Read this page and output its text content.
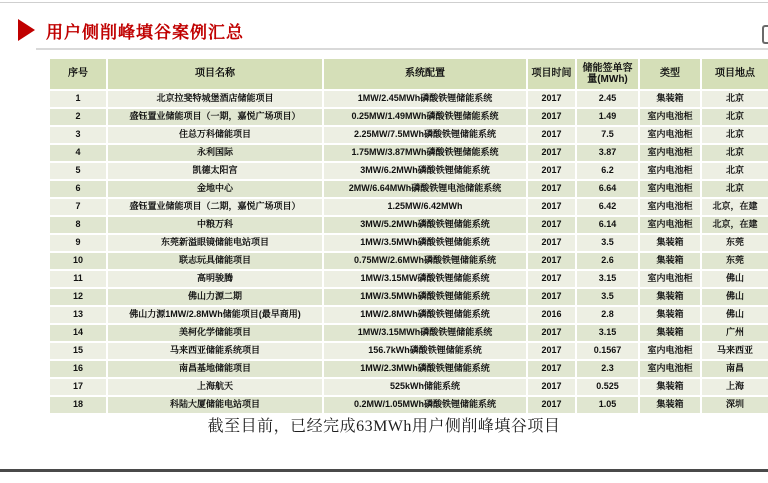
用户侧削峰填谷案例汇总
序号	项目名称	系统配置	项目时间	储能签单容量(MWh)	类型	项目地点
1	北京拉斐特城堡酒店储能项目	1MW/2.45MWh磷酸铁锂储能系统	2017	2.45	集装箱	北京
2	盛钰置业储能项目（一期，嘉悦广场项目）	0.25MW/1.49MWh磷酸铁锂储能系统	2017	1.49	室内电池柜	北京
3	住总万科储能项目	2.25MW/7.5MWh磷酸铁锂储能系统	2017	7.5	室内电池柜	北京
4	永利国际	1.75MW/3.87MWh磷酸铁锂储能系统	2017	3.87	室内电池柜	北京
5	凯德太阳宫	3MW/6.2MWh磷酸铁锂储能系统	2017	6.2	室内电池柜	北京
6	金地中心	2MW/6.64MWh磷酸铁锂电池储能系统	2017	6.64	室内电池柜	北京
7	盛钰置业储能项目（二期，嘉悦广场项目）	1.25MW/6.42MWh	2017	6.42	室内电池柜	北京，在建
8	中粮万科	3MW/5.2MWh磷酸铁锂储能系统	2017	6.14	室内电池柜	北京，在建
9	东莞新溢眼镜储能电站项目	1MW/3.5MWh磷酸铁锂储能系统	2017	3.5	集装箱	东莞
10	联志玩具储能项目	0.75MW/2.6MWh磷酸铁锂储能系统	2017	2.6	集装箱	东莞
11	高明骏腾	1MW/3.15MW磷酸铁锂储能系统	2017	3.15	室内电池柜	佛山
12	佛山力源二期	1MW/3.5MWh磷酸铁锂储能系统	2017	3.5	集装箱	佛山
13	佛山力源1MW/2.8MWh储能项目(最早商用)	1MW/2.8MWh磷酸铁锂储能系统	2016	2.8	集装箱	佛山
14	美柯化学储能项目	1MW/3.15MWh磷酸铁锂储能系统	2017	3.15	集装箱	广州
15	马来西亚储能系统项目	156.7kWh磷酸铁锂储能系统	2017	0.1567	室内电池柜	马来西亚
16	南昌基地储能项目	1MW/2.3MWh磷酸铁锂储能系统	2017	2.3	室内电池柜	南昌
17	上海航天	525kWh储能系统	2017	0.525	集装箱	上海
18	科陆大厦储能电站项目	0.2MW/1.05MWh磷酸铁锂储能系统	2017	1.05	集装箱	深圳
截至目前，已经完成63MWh用户侧削峰填谷项目
